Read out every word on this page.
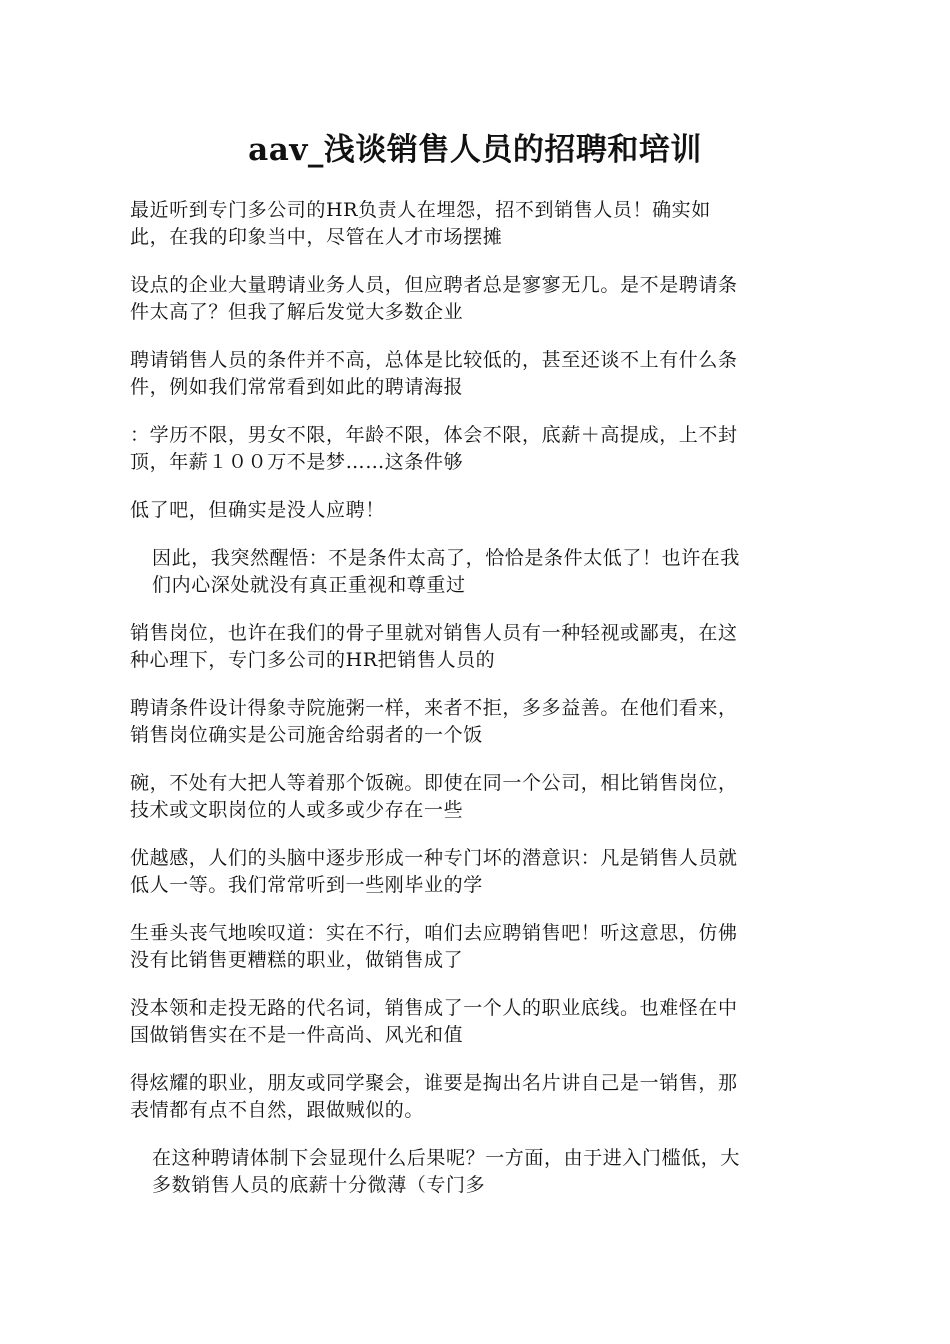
aav_浅谈销售人员的招聘和培训
最近听到专门多公司的HR负责人在埋怨，招不到销售人员！确实如
此，在我的印象当中，尽管在人才市场摆摊
设点的企业大量聘请业务人员，但应聘者总是寥寥无几。是不是聘请条
件太高了？但我了解后发觉大多数企业
聘请销售人员的条件并不高，总体是比较低的，甚至还谈不上有什么条
件，例如我们常常看到如此的聘请海报
：学历不限，男女不限，年龄不限，体会不限，底薪＋高提成，上不封
顶，年薪１００万不是梦……这条件够
低了吧，但确实是没人应聘！
因此，我突然醒悟：不是条件太高了，恰恰是条件太低了！也许在我
们内心深处就没有真正重视和尊重过
销售岗位，也许在我们的骨子里就对销售人员有一种轻视或鄙夷，在这
种心理下，专门多公司的HR把销售人员的
聘请条件设计得象寺院施粥一样，来者不拒，多多益善。在他们看来，
销售岗位确实是公司施舍给弱者的一个饭
碗，不处有大把人等着那个饭碗。即使在同一个公司，相比销售岗位，
技术或文职岗位的人或多或少存在一些
优越感，人们的头脑中逐步形成一种专门坏的潜意识：凡是销售人员就
低人一等。我们常常听到一些刚毕业的学
生垂头丧气地唉叹道：实在不行，咱们去应聘销售吧！听这意思，仿佛
没有比销售更糟糕的职业，做销售成了
没本领和走投无路的代名词，销售成了一个人的职业底线。也难怪在中
国做销售实在不是一件高尚、风光和值
得炫耀的职业，朋友或同学聚会，谁要是掏出名片讲自己是一销售，那
表情都有点不自然，跟做贼似的。
在这种聘请体制下会显现什么后果呢？一方面，由于进入门槛低，大
多数销售人员的底薪十分微薄（专门多
